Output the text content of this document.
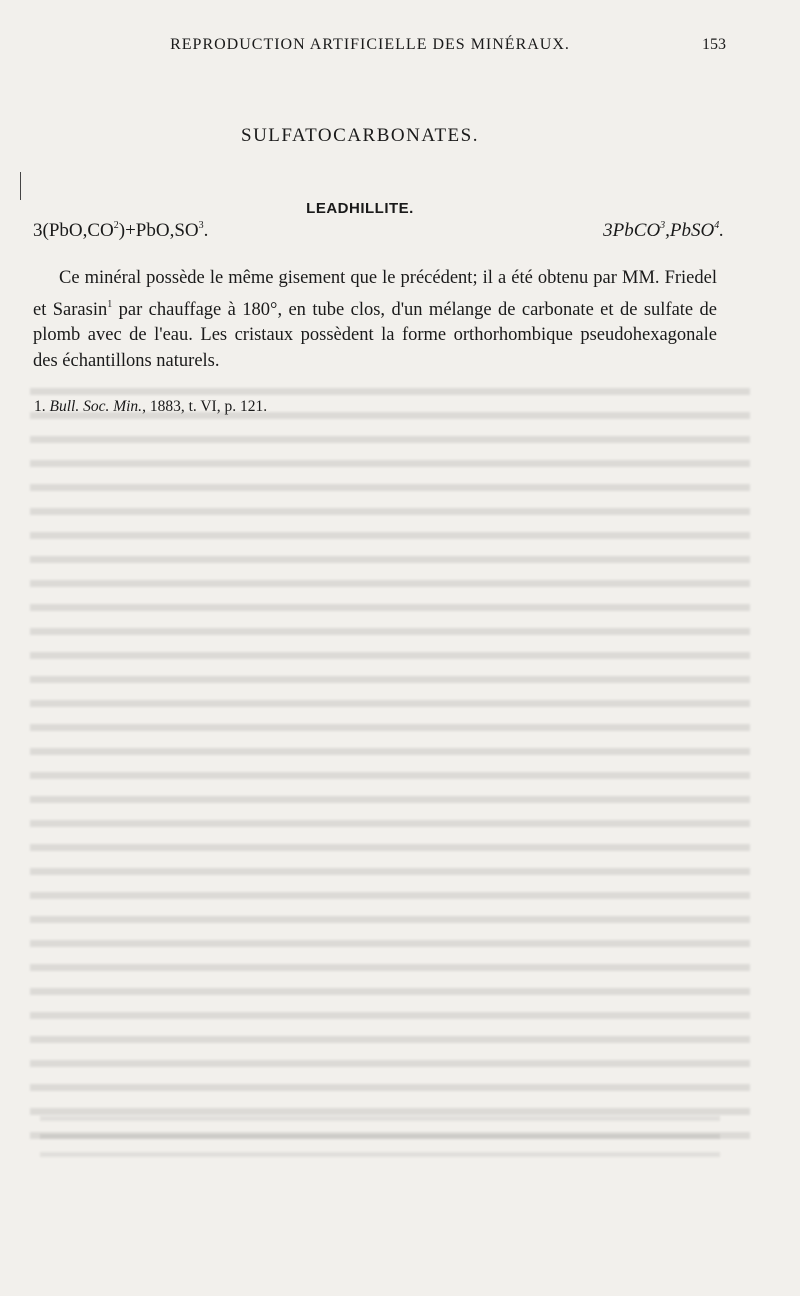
REPRODUCTION ARTIFICIELLE DES MINÉRAUX.	153
SULFATOCARBONATES.
LEADHILLITE.
$3(PbO,CO^2)+PbO,SO^3$.	3PbCO$^3$,PbSO$^4$.
Ce minéral possède le même gisement que le précédent; il a été obtenu par MM. Friedel et Sarasin$^1$ par chauffage à 180°, en tube clos, d'un mélange de carbonate et de sulfate de plomb avec de l'eau. Les cristaux possèdent la forme orthorhombique pseudohexagonale des échantillons naturels.
1. Bull. Soc. Min., 1883, t. VI, p. 121.
